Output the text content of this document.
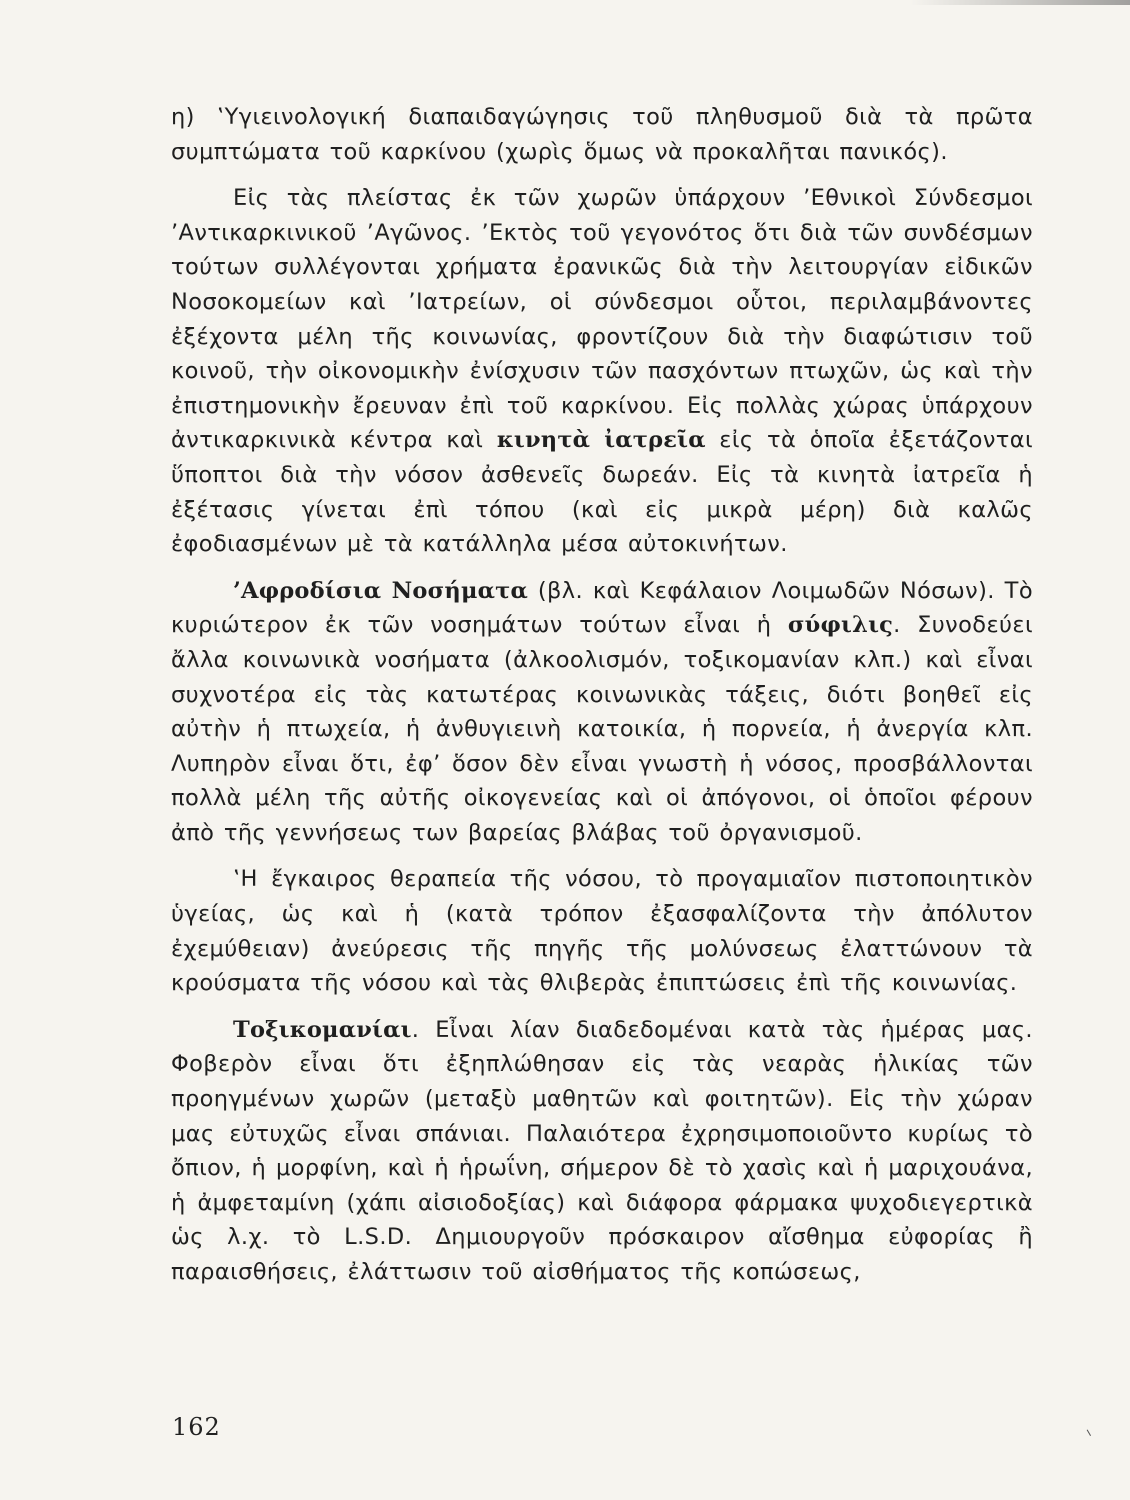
η) ‛Υγιεινολογική διαπαιδαγώγησις τοῦ πληθυσμοῦ διὰ τὰ πρῶτα συμπτώματα τοῦ καρκίνου (χωρὶς ὅμως νὰ προκαλῆται πανικός).

Εἰς τὰς πλείστας ἐκ τῶν χωρῶν ὑπάρχουν ’Εθνικοὶ Σύνδεσμοι ’Αντικαρκινικοῦ ’Αγῶνος. ’Εκτὸς τοῦ γεγονότος ὅτι διὰ τῶν συνδέσμων τούτων συλλέγονται χρήματα ἐρανικῶς διὰ τὴν λειτουργίαν εἰδικῶν Νοσοκομείων καὶ ’Ιατρείων, οἱ σύνδεσμοι οὗτοι, περιλαμβάνοντες ἐξέχοντα μέλη τῆς κοινωνίας, φροντίζουν διὰ τὴν διαφώτισιν τοῦ κοινοῦ, τὴν οἰκονομικὴν ἐνίσχυσιν τῶν πασχόντων πτωχῶν, ὡς καὶ τὴν ἐπιστημονικὴν ἔρευναν ἐπὶ τοῦ καρκίνου. Εἰς πολλὰς χώρας ὑπάρχουν ἀντικαρκινικὰ κέντρα καὶ κινητὰ ἰατρεῖα εἰς τὰ ὁποῖα ἐξετάζονται ὕποπτοι διὰ τὴν νόσον ἀσθενεῖς δωρεάν. Εἰς τὰ κινητὰ ἰατρεῖα ἡ ἐξέτασις γίνεται ἐπὶ τόπου (καὶ εἰς μικρὰ μέρη) διὰ καλῶς ἐφοδιασμένων μὲ τὰ κατάλληλα μέσα αὐτοκινήτων.

’Αφροδίσια Νοσήματα (βλ. καὶ Κεφάλαιον Λοιμωδῶν Νόσων). Τὸ κυριώτερον ἐκ τῶν νοσημάτων τούτων εἶναι ἡ σύφιλις. Συνοδεύει ἄλλα κοινωνικὰ νοσήματα (ἀλκοολισμόν, τοξικομανίαν κλπ.) καὶ εἶναι συχνοτέρα εἰς τὰς κατωτέρας κοινωνικὰς τάξεις, διότι βοηθεῖ εἰς αὐτὴν ἡ πτωχεία, ἡ ἀνθυγιεινὴ κατοικία, ἡ πορνεία, ἡ ἀνεργία κλπ. Λυπηρὸν εἶναι ὅτι, ἐφ’ ὅσον δὲν εἶναι γνωστὴ ἡ νόσος, προσβάλλονται πολλὰ μέλη τῆς αὐτῆς οἰκογενείας καὶ οἱ ἀπόγονοι, οἱ ὁποῖοι φέρουν ἀπὸ τῆς γεννήσεως των βαρείας βλάβας τοῦ ὀργανισμοῦ.

‛Η ἔγκαιρος θεραπεία τῆς νόσου, τὸ προγαμιαῖον πιστοποιητικὸν ὑγείας, ὡς καὶ ἡ (κατὰ τρόπον ἐξασφαλίζοντα τὴν ἀπόλυτον ἐχεμύθειαν) ἀνεύρεσις τῆς πηγῆς τῆς μολύνσεως ἐλαττώνουν τὰ κρούσματα τῆς νόσου καὶ τὰς θλιβερὰς ἐπιπτώσεις ἐπὶ τῆς κοινωνίας.

Τοξικομανίαι. Εἶναι λίαν διαδεδομέναι κατὰ τὰς ἡμέρας μας. Φοβερὸν εἶναι ὅτι ἐξηπλώθησαν εἰς τὰς νεαρὰς ἡλικίας τῶν προηγμένων χωρῶν (μεταξὺ μαθητῶν καὶ φοιτητῶν). Εἰς τὴν χώραν μας εὐτυχῶς εἶναι σπάνιαι. Παλαιότερα ἐχρησιμοποιοῦντο κυρίως τὸ ὄπιον, ἡ μορφίνη, καὶ ἡ ἡρωΐνη, σήμερον δὲ τὸ χασὶς καὶ ἡ μαριχουάνα, ἡ ἀμφεταμίνη (χάπι αἰσιοδοξίας) καὶ διάφορα φάρμακα ψυχοδιεγερτικὰ ὡς λ.χ. τὸ L.S.D. Δημιουργοῦν πρόσκαιρον αἴσθημα εὐφορίας ἢ παραισθήσεις, ἐλάττωσιν τοῦ αἰσθήματος τῆς κοπώσεως,

162
